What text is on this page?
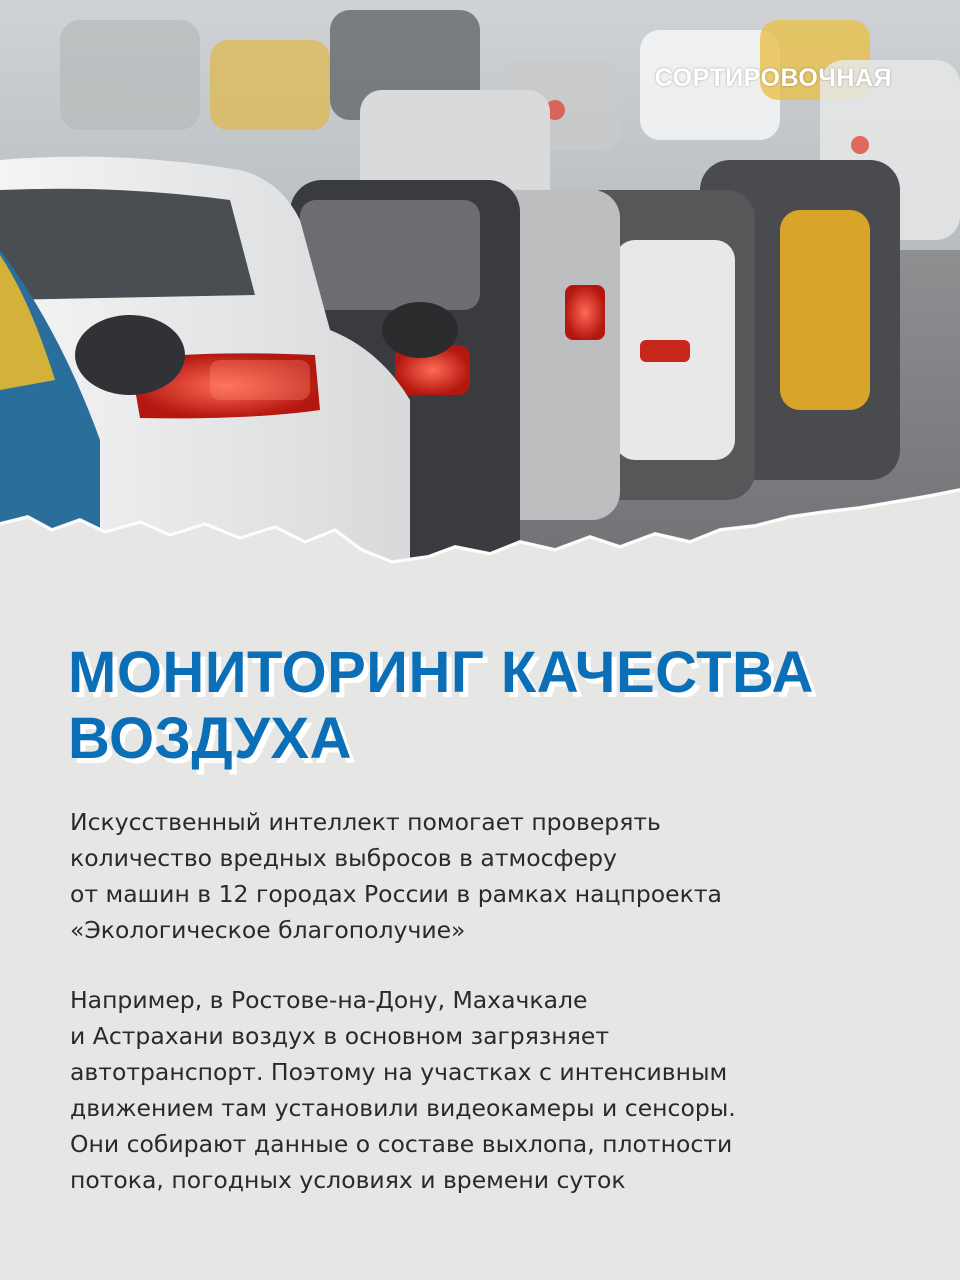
СОРТИРОВОЧНАЯ
МОНИТОРИНГ КАЧЕСТВА
ВОЗДУХА

Искусственный интеллект помогает проверять
количество вредных выбросов в атмосферу
от машин в 12 городах России в рамках нацпроекта
«Экологическое благополучие»

Например, в Ростове-на-Дону, Махачкале
и Астрахани воздух в основном загрязняет
автотранспорт. Поэтому на участках с интенсивным
движением там установили видеокамеры и сенсоры.
Они собирают данные о составе выхлопа, плотности
потока, погодных условиях и времени суток
